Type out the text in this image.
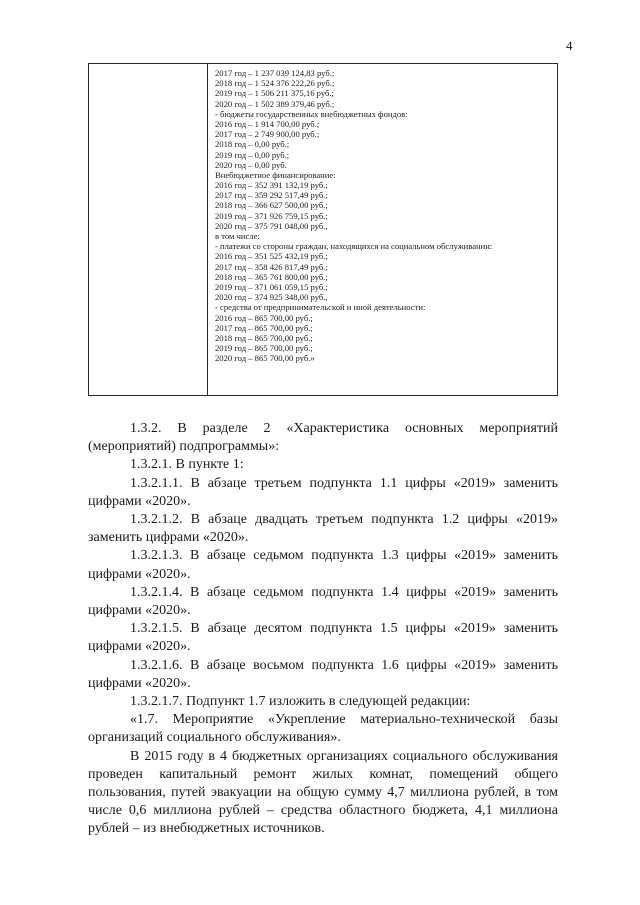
4

2017 год – 1 237 039 124,83 руб.;

2018 год – 1 524 376 222,26 руб.;

2019 год – 1 506 211 375,16 руб.;

2020 год – 1 502 389 379,46 руб.;

- бюджеты государственных внебюджетных фондов:

2016 год – 1 914 700,00 руб.;

2017 год – 2 749 900,00 руб.;

2018 год – 0,00 руб.;

2019 год – 0,00 руб.;

2020 год – 0,00 руб.

Внебюджетное финансирование:

2016 год – 352 391 132,19 руб.;

2017 год – 359 292 517,49 руб.;

2018 год – 366 627 500,00 руб.;

2019 год – 371 926 759,15 руб.;

2020 год – 375 791 048,00 руб.,

в том числе:

- платежи со стороны граждан, находящихся на социальном обслуживании:

2016 год – 351 525 432,19 руб.;

2017 год – 358 426 817,49 руб.;

2018 год – 365 761 800,00 руб.;

2019 год – 371 061 059,15 руб.;

2020 год – 374 925 348,00 руб.,

- средства от предпринимательской и иной деятельности:

2016 год – 865 700,00 руб.;

2017 год – 865 700,00 руб.;

2018 год – 865 700,00 руб.;

2019 год – 865 700,00 руб.;

2020 год – 865 700,00 руб.»

1.3.2. В разделе 2 «Характеристика основных мероприятий (мероприятий) подпрограммы»:

1.3.2.1. В пункте 1:

1.3.2.1.1. В абзаце третьем подпункта 1.1 цифры «2019» заменить цифрами «2020».

1.3.2.1.2. В абзаце двадцать третьем подпункта 1.2 цифры «2019» заменить цифрами «2020».

1.3.2.1.3. В абзаце седьмом подпункта 1.3 цифры «2019» заменить цифрами «2020».

1.3.2.1.4. В абзаце седьмом подпункта 1.4 цифры «2019» заменить цифрами «2020».

1.3.2.1.5. В абзаце десятом подпункта 1.5 цифры «2019» заменить цифрами «2020».

1.3.2.1.6. В абзаце восьмом подпункта 1.6 цифры «2019» заменить цифрами «2020».

1.3.2.1.7. Подпункт 1.7 изложить в следующей редакции:

«1.7. Мероприятие «Укрепление материально-технической базы организаций социального обслуживания».

В 2015 году в 4 бюджетных организациях социального обслуживания проведен капитальный ремонт жилых комнат, помещений общего пользования, путей эвакуации на общую сумму 4,7 миллиона рублей, в том числе 0,6 миллиона рублей – средства областного бюджета, 4,1 миллиона рублей – из внебюджетных источников.
